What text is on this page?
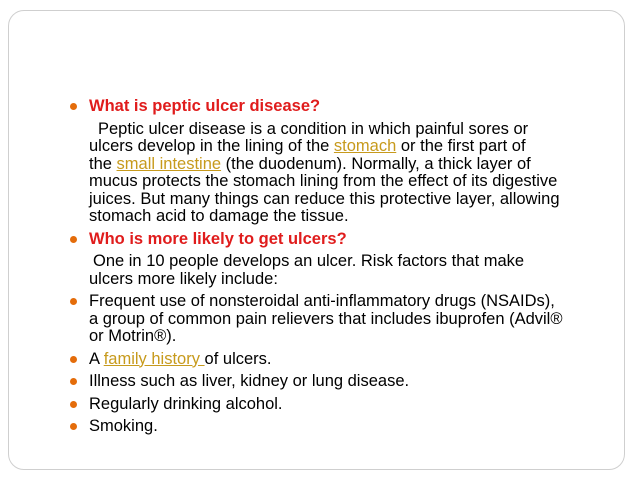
What is peptic ulcer disease?
Peptic ulcer disease is a condition in which painful sores or
ulcers develop in the lining of the stomach or the first part of
the small intestine (the duodenum). Normally, a thick layer of
mucus protects the stomach lining from the effect of its digestive
juices. But many things can reduce this protective layer, allowing
stomach acid to damage the tissue.
Who is more likely to get ulcers?
One in 10 people develops an ulcer. Risk factors that make
ulcers more likely include:
Frequent use of nonsteroidal anti-inflammatory drugs (NSAIDs),
a group of common pain relievers that includes ibuprofen (Advil®
or Motrin®).
A family history of ulcers.
Illness such as liver, kidney or lung disease.
Regularly drinking alcohol.
Smoking.
